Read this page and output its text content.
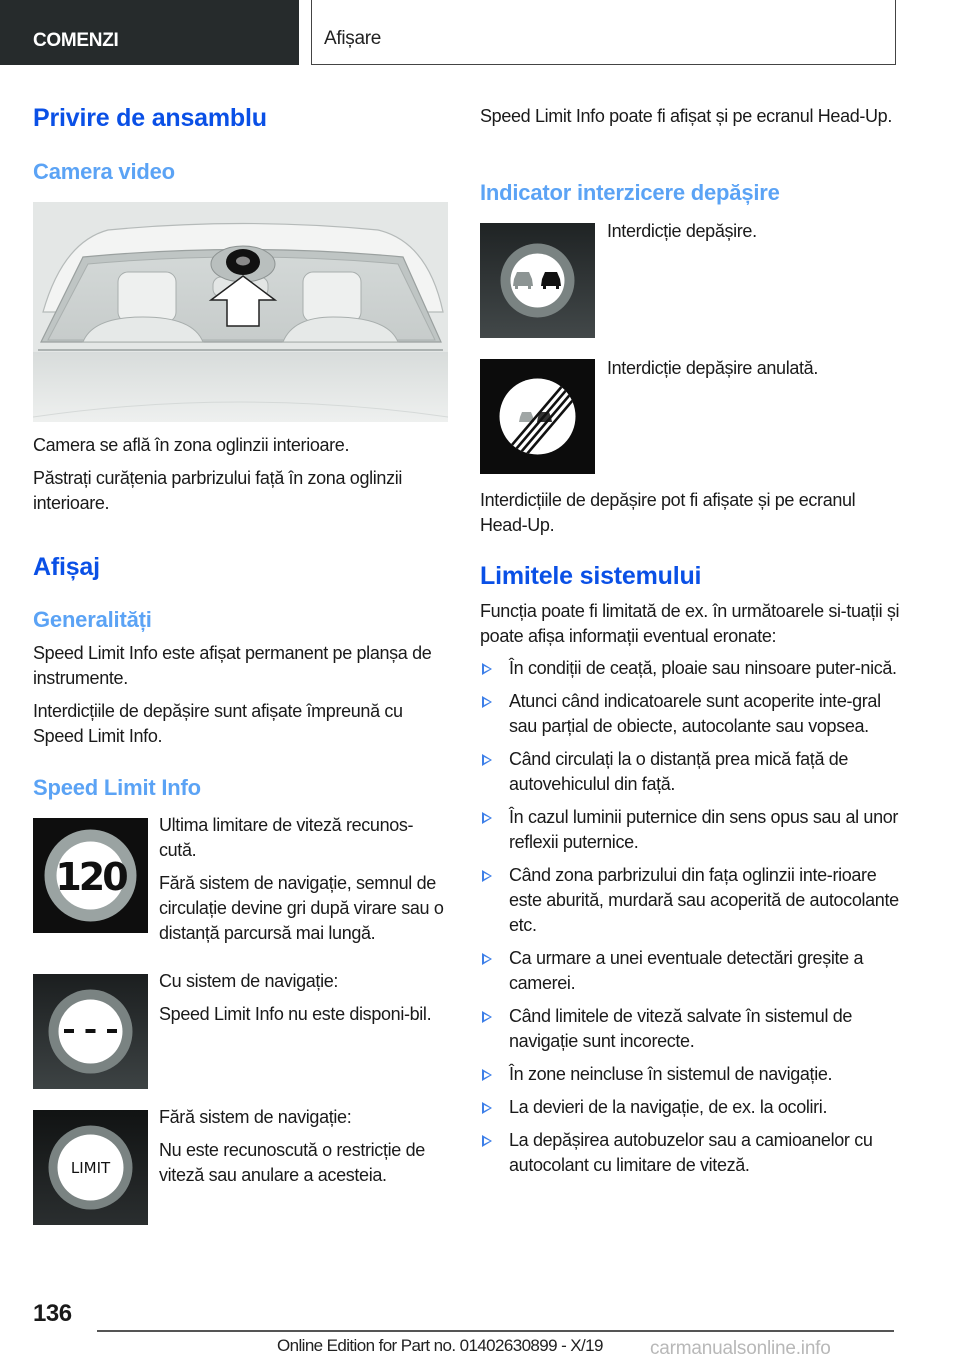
COMENZI	Afișare
Privire de ansamblu
Camera video
Camera se află în zona oglinzii interioare.
Păstrați curățenia parbrizului față în zona oglinzii interioare.
Afișaj
Generalități
Speed Limit Info este afișat permanent pe planșa de instrumente.
Interdicțiile de depășire sunt afișate împreună cu Speed Limit Info.
Speed Limit Info
120
Ultima limitare de viteză recunos-cută.
Fără sistem de navigație, semnul de circulație devine gri după virare sau o distanță parcursă mai lungă.
Cu sistem de navigație:
Speed Limit Info nu este disponi-bil.
LIMIT
Fără sistem de navigație:
Nu este recunoscută o restricție de viteză sau anulare a acesteia.
Speed Limit Info poate fi afișat și pe ecranul Head-Up.
Indicator interzicere depășire
Interdicție depășire.
Interdicție depășire anulată.
Interdicțiile de depășire pot fi afișate și pe ecranul Head-Up.
Limitele sistemului
Funcția poate fi limitată de ex. în următoarele si-tuații și poate afișa informații eventual eronate:
În condiții de ceață, ploaie sau ninsoare puter-nică.
Atunci când indicatoarele sunt acoperite inte-gral sau parțial de obiecte, autocolante sau vopsea.
Când circulați la o distanță prea mică față de autovehiculul din față.
În cazul luminii puternice din sens opus sau al unor reflexii puternice.
Când zona parbrizului din fața oglinzii inte-rioare este aburită, murdară sau acoperită de autocolante etc.
Ca urmare a unei eventuale detectări greșite a camerei.
Când limitele de viteză salvate în sistemul de navigație sunt incorecte.
În zone neincluse în sistemul de navigație.
La devieri de la navigație, de ex. la ocoliri.
La depășirea autobuzelor sau a camioanelor cu autocolant cu limitare de viteză.
136
Online Edition for Part no. 01402630899 - X/19 carmanualsonline.info
